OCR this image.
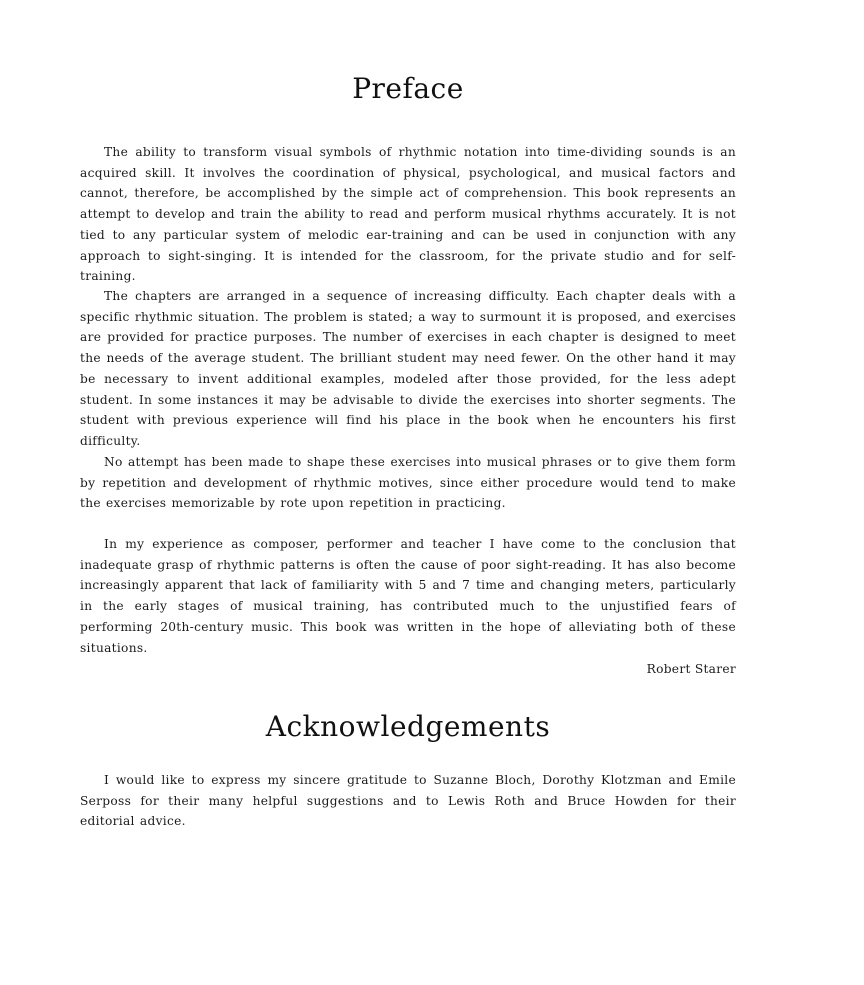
Preface

The ability to transform visual symbols of rhythmic notation into time-dividing sounds is an acquired skill. It involves the coordination of physical, psychological, and musical factors and cannot, therefore, be accomplished by the simple act of comprehension. This book represents an attempt to develop and train the ability to read and perform musical rhythms accurately. It is not tied to any particular system of melodic ear-training and can be used in conjunction with any approach to sight-singing. It is intended for the classroom, for the private studio and for self-training.

The chapters are arranged in a sequence of increasing difficulty. Each chapter deals with a specific rhythmic situation. The problem is stated; a way to surmount it is proposed, and exercises are provided for practice purposes. The number of exercises in each chapter is designed to meet the needs of the average student. The brilliant student may need fewer. On the other hand it may be necessary to invent additional examples, modeled after those provided, for the less adept student. In some instances it may be advisable to divide the exercises into shorter segments. The student with previous experience will find his place in the book when he encounters his first difficulty.

No attempt has been made to shape these exercises into musical phrases or to give them form by repetition and development of rhythmic motives, since either procedure would tend to make the exercises memorizable by rote upon repetition in practicing.

In my experience as composer, performer and teacher I have come to the conclusion that inadequate grasp of rhythmic patterns is often the cause of poor sight-reading. It has also become increasingly apparent that lack of familiarity with 5 and 7 time and changing meters, particularly in the early stages of musical training, has contributed much to the unjustified fears of performing 20th-century music. This book was written in the hope of alleviating both of these situations.

Robert Starer

Acknowledgements

I would like to express my sincere gratitude to Suzanne Bloch, Dorothy Klotzman and Emile Serposs for their many helpful suggestions and to Lewis Roth and Bruce Howden for their editorial advice.
